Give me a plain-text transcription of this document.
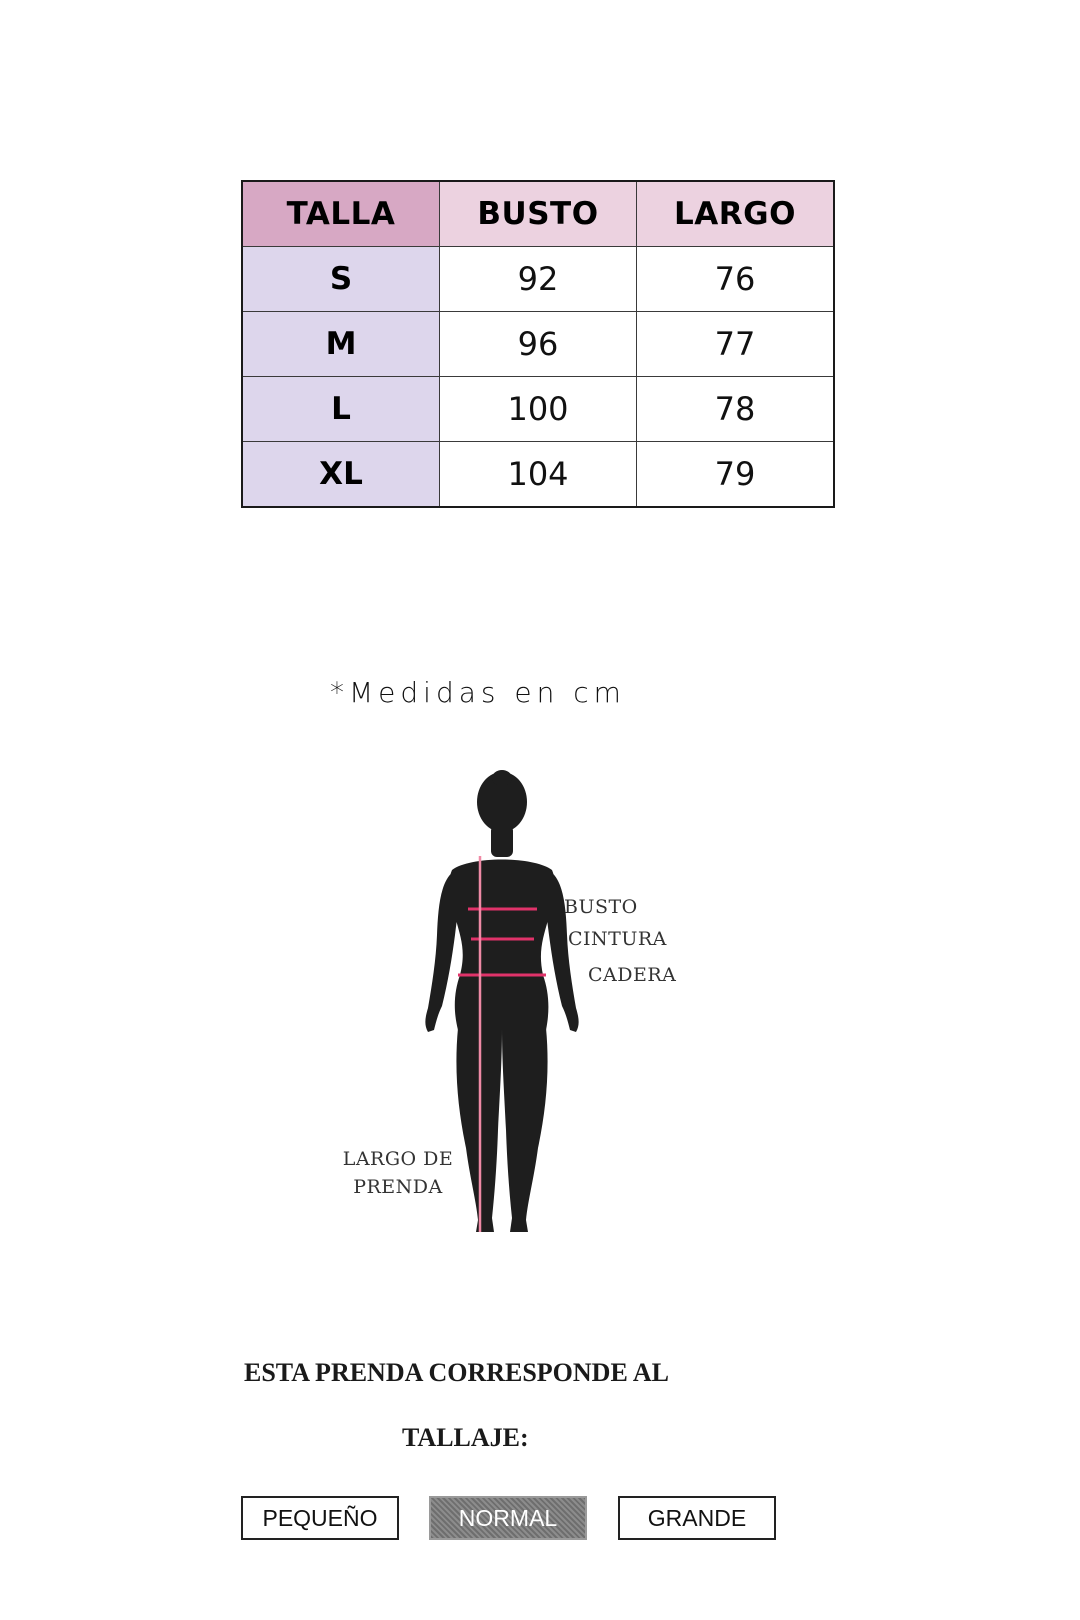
TALLA	BUSTO	LARGO
S	92	76
M	96	77
L	100	78
XL	104	79
*Medidas en cm
BUSTO
CINTURA
CADERA
LARGO DE
PRENDA
ESTA PRENDA CORRESPONDE AL
TALLAJE:
PEQUEÑO	NORMAL	GRANDE
